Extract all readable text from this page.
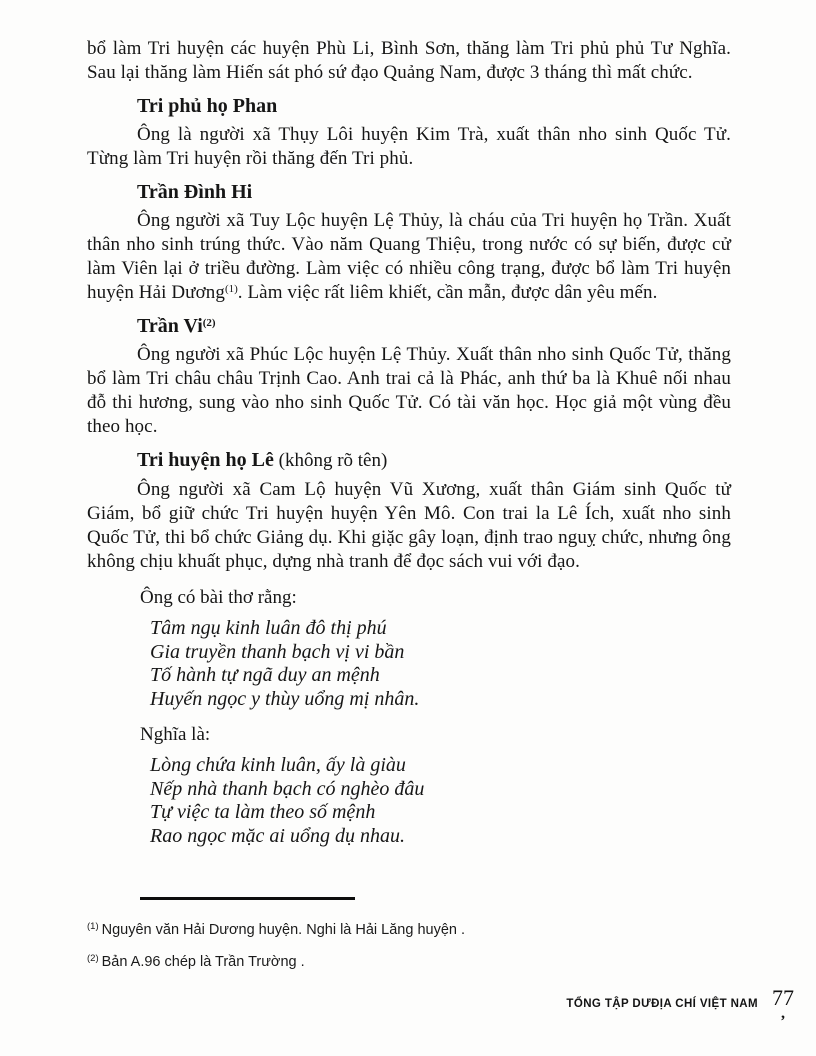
bổ làm Tri huyện các huyện Phù Li, Bình Sơn, thăng làm Tri phủ phủ Tư Nghĩa. Sau lại thăng làm Hiến sát phó sứ đạo Quảng Nam, được 3 tháng thì mất chức.

Tri phủ họ Phan

Ông là người xã Thụy Lôi huyện Kim Trà, xuất thân nho sinh Quốc Tử. Từng làm Tri huyện rồi thăng đến Tri phủ.

Trần Đình Hi

Ông người xã Tuy Lộc huyện Lệ Thủy, là cháu của Tri huyện họ Trần. Xuất thân nho sinh trúng thức. Vào năm Quang Thiệu, trong nước có sự biến, được cử làm Viên lại ở triều đường. Làm việc có nhiều công trạng, được bổ làm Tri huyện huyện Hải Dương$^{(1)}$. Làm việc rất liêm khiết, cần mẫn, được dân yêu mến.

Trần Vi$^{(2)}$

Ông người xã Phúc Lộc huyện Lệ Thủy. Xuất thân nho sinh Quốc Tử, thăng bổ làm Tri châu châu Trịnh Cao. Anh trai cả là Phác, anh thứ ba là Khuê nối nhau đỗ thi hương, sung vào nho sinh Quốc Tử. Có tài văn học. Học giả một vùng đều theo học.

Tri huyện họ Lê (không rõ tên)

Ông người xã Cam Lộ huyện Vũ Xương, xuất thân Giám sinh Quốc tử Giám, bổ giữ chức Tri huyện huyện Yên Mô. Con trai la Lê Ích, xuất nho sinh Quốc Tử, thi bổ chức Giảng dụ. Khi giặc gây loạn, định trao nguỵ chức, nhưng ông không chịu khuất phục, dựng nhà tranh để đọc sách vui với đạo.

Ông có bài thơ rằng:

Tâm ngụ kinh luân đô thị phú
Gia truyền thanh bạch vị vi bần
Tố hành tự ngã duy an mệnh
Huyến ngọc y thùy uổng mị nhân.

Nghĩa là:

Lòng chứa kinh luân, ấy là giàu
Nếp nhà thanh bạch có nghèo đâu
Tự việc ta làm theo số mệnh
Rao ngọc mặc ai uổng dụ nhau.

$^{(1)}$ Nguyên văn Hải Dương huyện. Nghi là Hải Lăng huyện .

$^{(2)}$ Bản A.96 chép là Trần Trường .

TỔNG TẬP DƯĐỊA CHÍ VIỆT NAM 77
,
